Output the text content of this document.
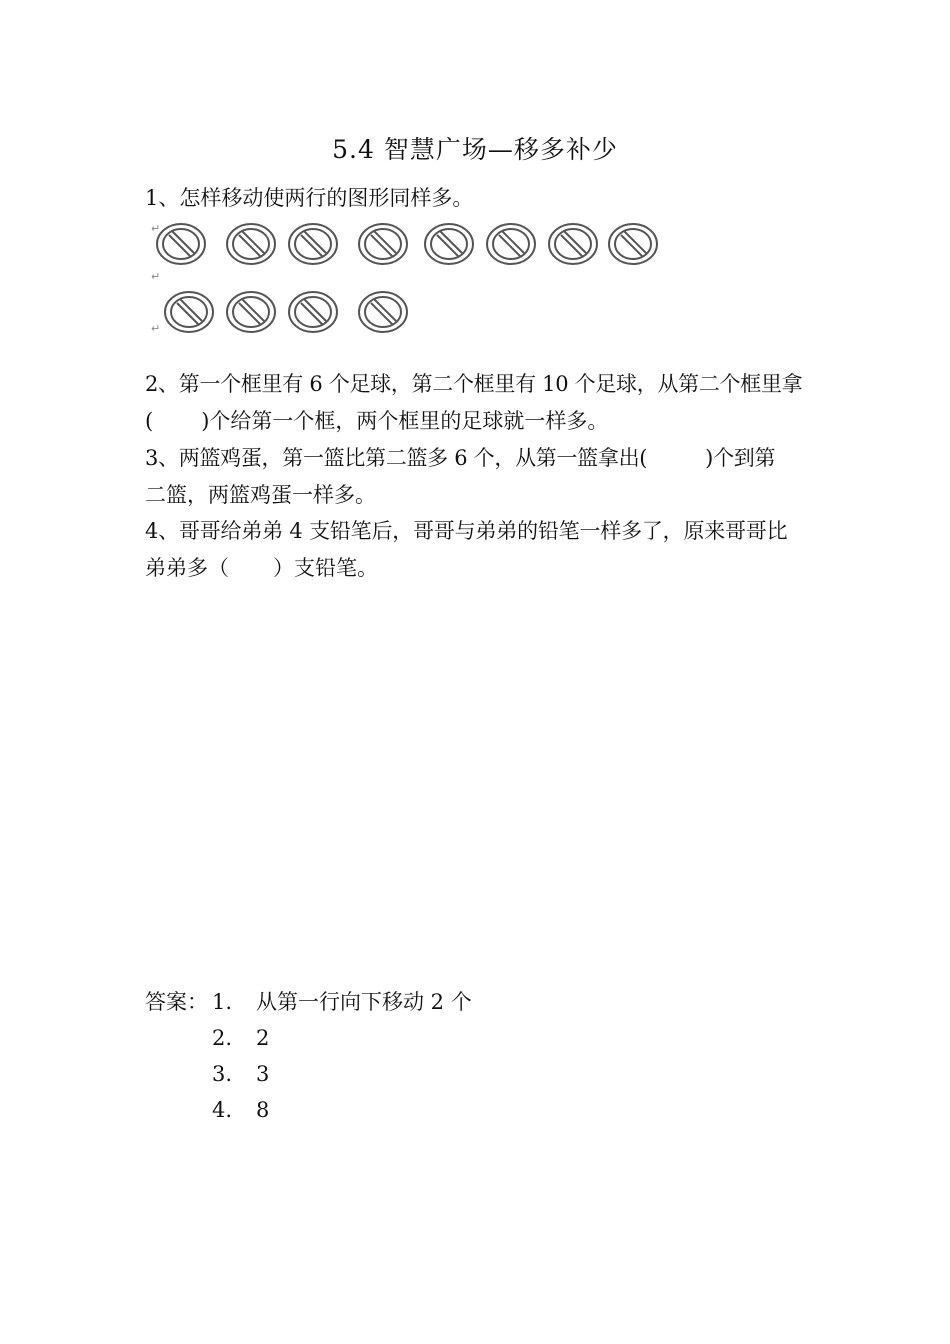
5.4 智慧广场—移多补少
1、怎样移动使两行的图形同样多。
↵
↵
↵
2、第一个框里有 6 个足球，第二个框里有 10 个足球，从第二个框里拿
( )个给第一个框，两个框里的足球就一样多。
3、两篮鸡蛋，第一篮比第二篮多 6 个，从第一篮拿出(	)个到第
二篮，两篮鸡蛋一样多。
4、哥哥给弟弟 4 支铅笔后，哥哥与弟弟的铅笔一样多了，原来哥哥比
弟弟多（ ）支铅笔。
答案： 1. 从第一行向下移动 2 个
2. 2
3. 3
4. 8
